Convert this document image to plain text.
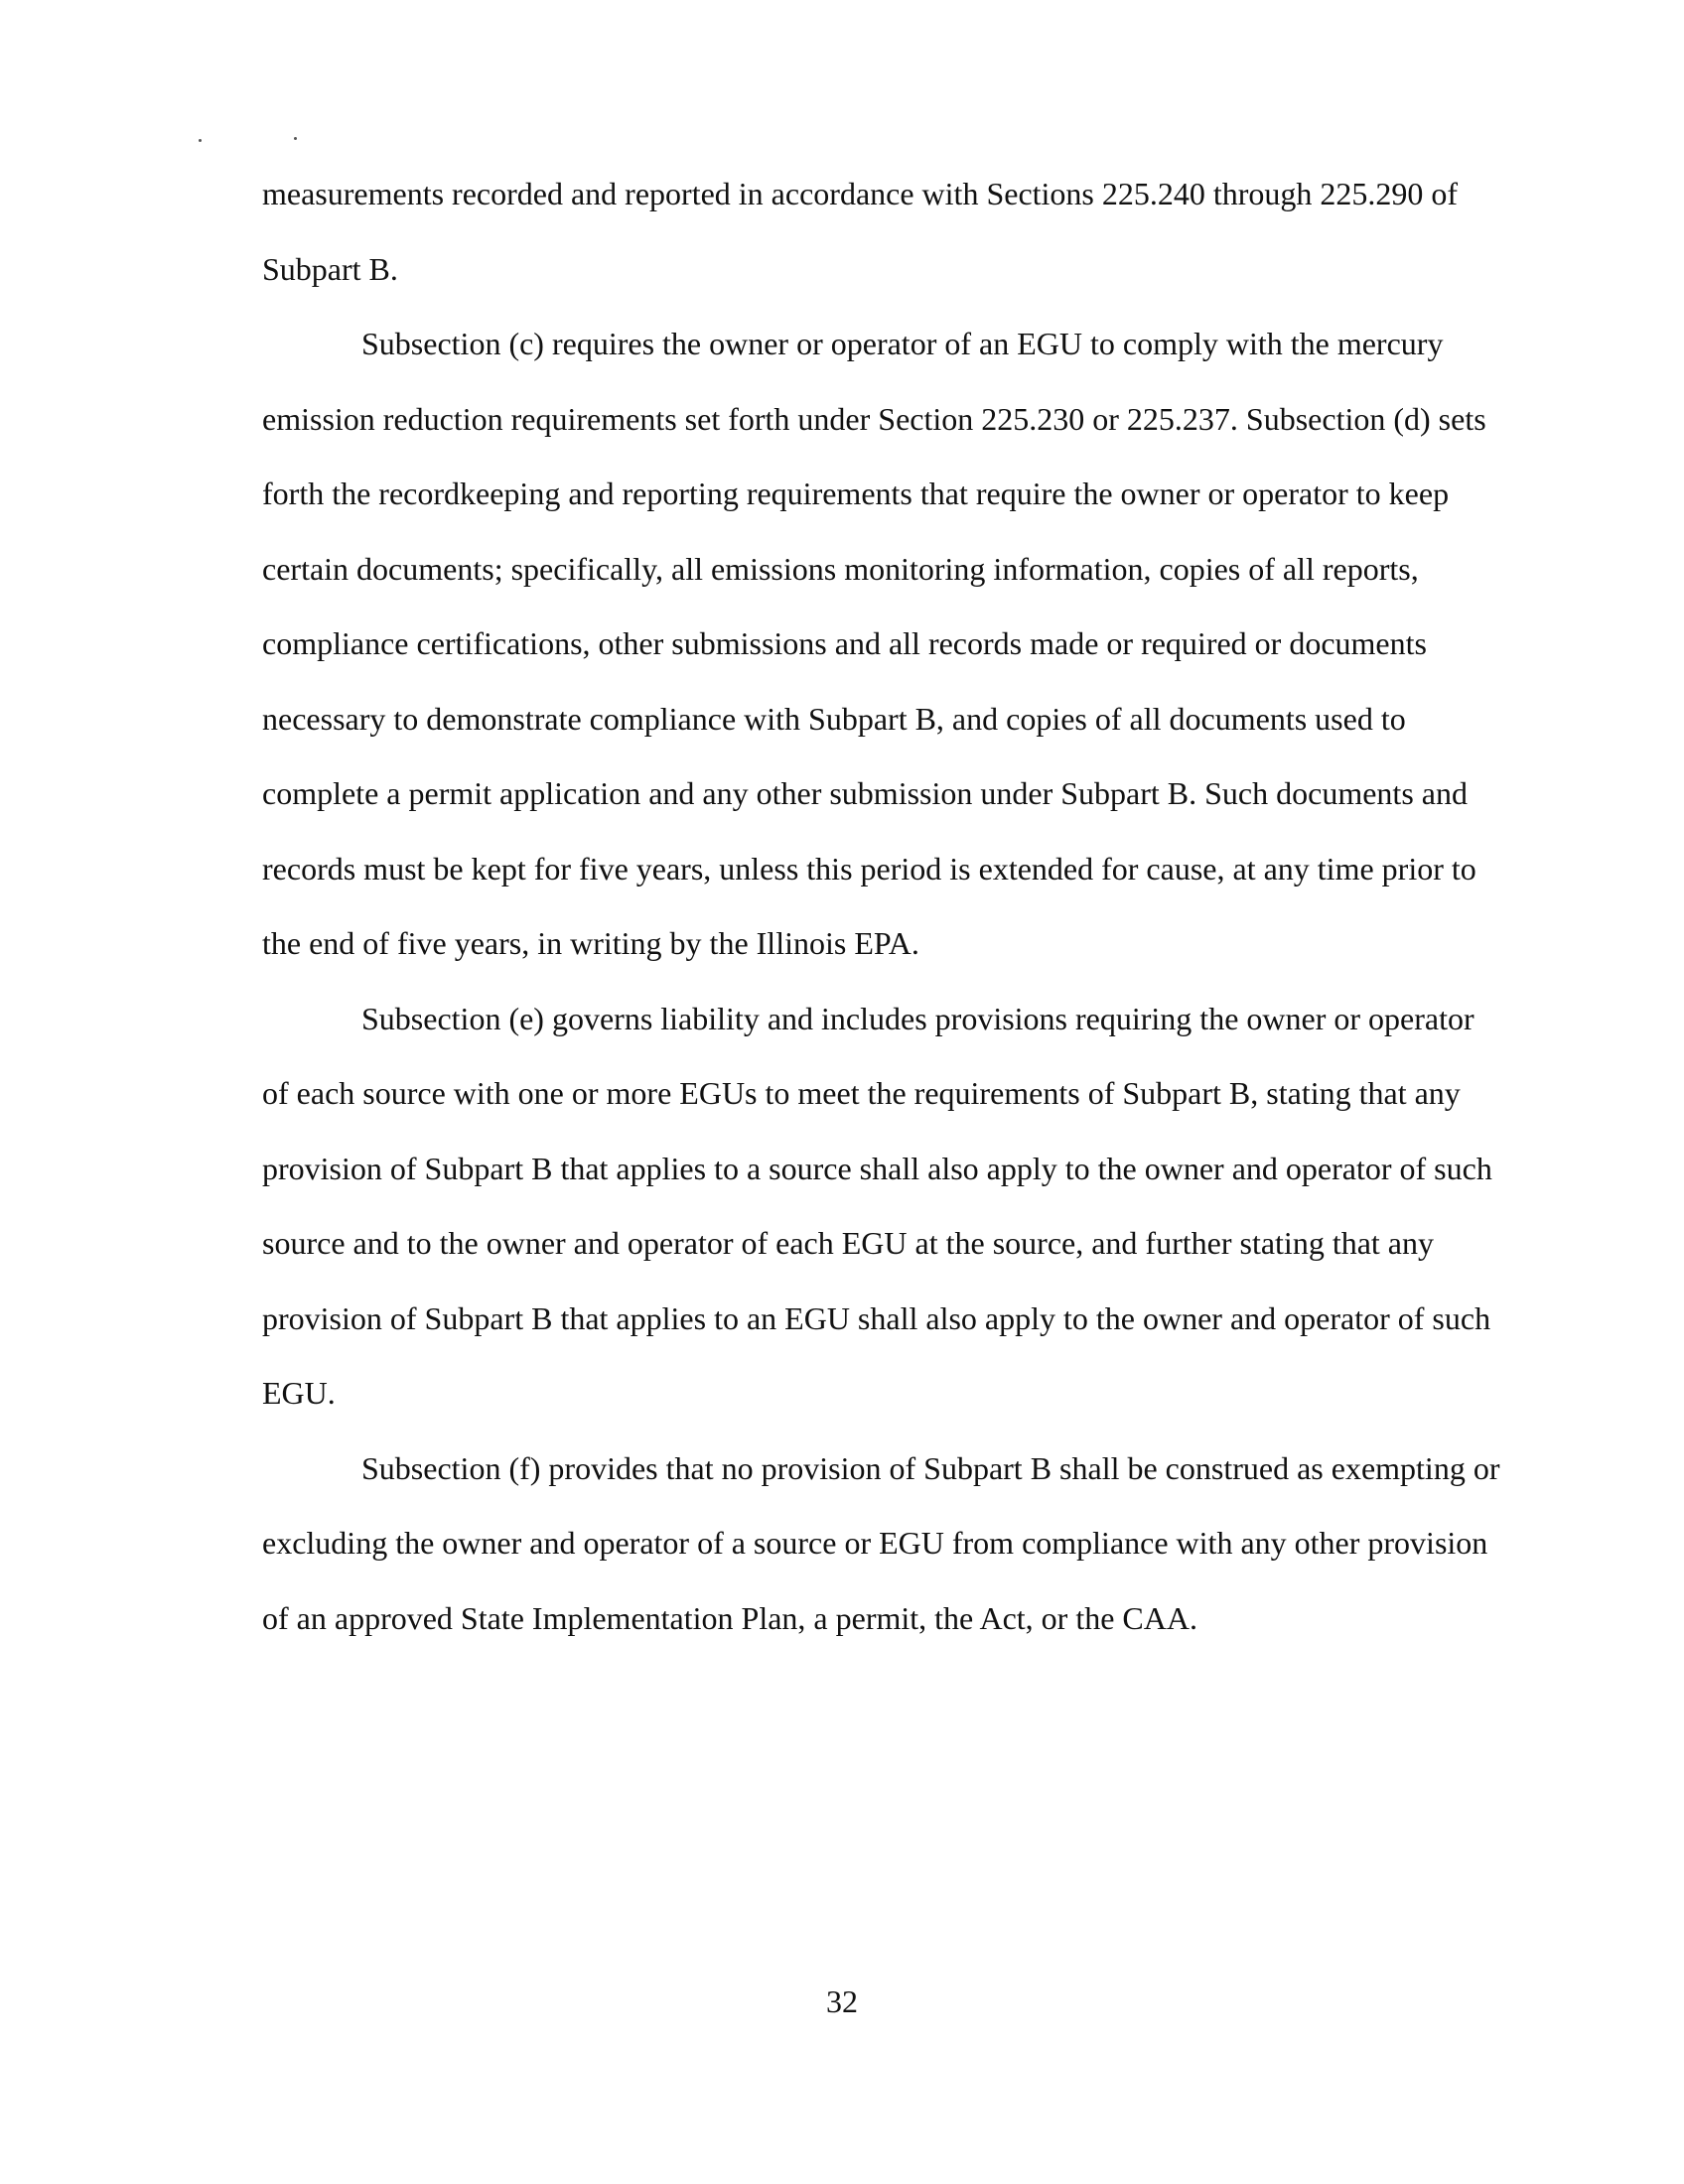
measurements recorded and reported in accordance with Sections 225.240 through 225.290 of Subpart B.

Subsection (c) requires the owner or operator of an EGU to comply with the mercury emission reduction requirements set forth under Section 225.230 or 225.237. Subsection (d) sets forth the recordkeeping and reporting requirements that require the owner or operator to keep certain documents; specifically, all emissions monitoring information, copies of all reports, compliance certifications, other submissions and all records made or required or documents necessary to demonstrate compliance with Subpart B, and copies of all documents used to complete a permit application and any other submission under Subpart B. Such documents and records must be kept for five years, unless this period is extended for cause, at any time prior to the end of five years, in writing by the Illinois EPA.

Subsection (e) governs liability and includes provisions requiring the owner or operator of each source with one or more EGUs to meet the requirements of Subpart B, stating that any provision of Subpart B that applies to a source shall also apply to the owner and operator of such source and to the owner and operator of each EGU at the source, and further stating that any provision of Subpart B that applies to an EGU shall also apply to the owner and operator of such EGU.

Subsection (f) provides that no provision of Subpart B shall be construed as exempting or excluding the owner and operator of a source or EGU from compliance with any other provision of an approved State Implementation Plan, a permit, the Act, or the CAA.

32
